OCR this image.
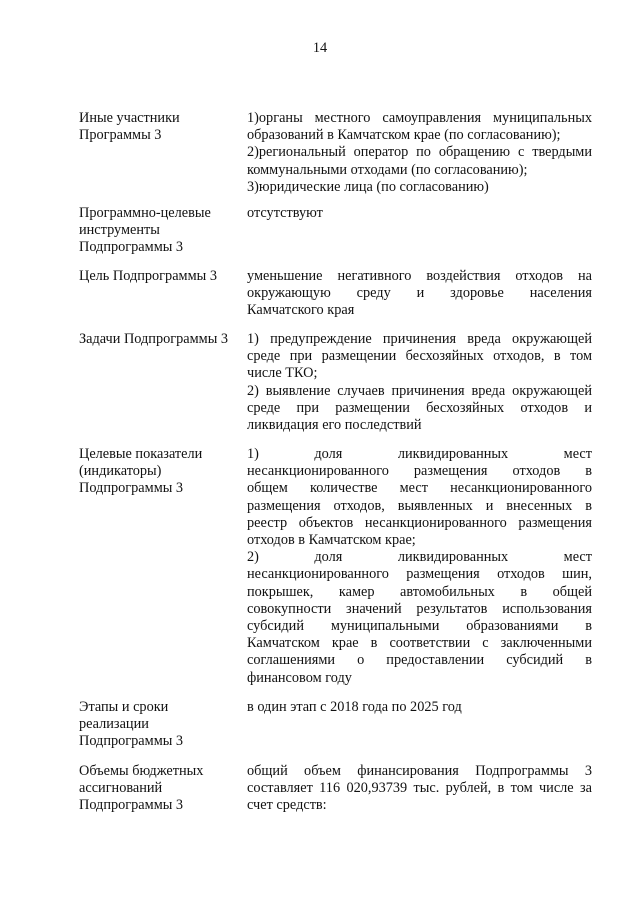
14
Иные участники
Программы 3
1)органы местного самоуправления муниципальных
образований в Камчатском крае (по согласованию);
2)региональный оператор по обращению с твердыми
коммунальными отходами (по согласованию);
3)юридические лица (по согласованию)
Программно-целевые
инструменты
Подпрограммы 3
отсутствуют
Цель Подпрограммы 3	уменьшение негативного воздействия отходов на
окружающую среду и здоровье населения
Камчатского края
Задачи Подпрограммы 3	1) предупреждение причинения вреда окружающей
среде при размещении бесхозяйных отходов, в том
числе ТКО;
2) выявление случаев причинения вреда окружающей
среде при размещении бесхозяйных отходов и
ликвидация его последствий
Целевые показатели
(индикаторы)
Подпрограммы 3
1) доля ликвидированных мест
несанкционированного размещения отходов в
общем количестве мест несанкционированного
размещения отходов, выявленных и внесенных в
реестр объектов несанкционированного размещения
отходов в Камчатском крае;
2) доля ликвидированных мест
несанкционированного размещения отходов шин,
покрышек, камер автомобильных в общей
совокупности значений результатов использования
субсидий муниципальными образованиями в
Камчатском крае в соответствии с заключенными
соглашениями о предоставлении субсидий в
финансовом году
Этапы и сроки
реализации
Подпрограммы 3
в один этап с 2018 года по 2025 год
Объемы бюджетных
ассигнований
Подпрограммы 3
общий объем финансирования Подпрограммы 3
составляет 116 020,93739 тыс. рублей, в том числе за
счет средств:
